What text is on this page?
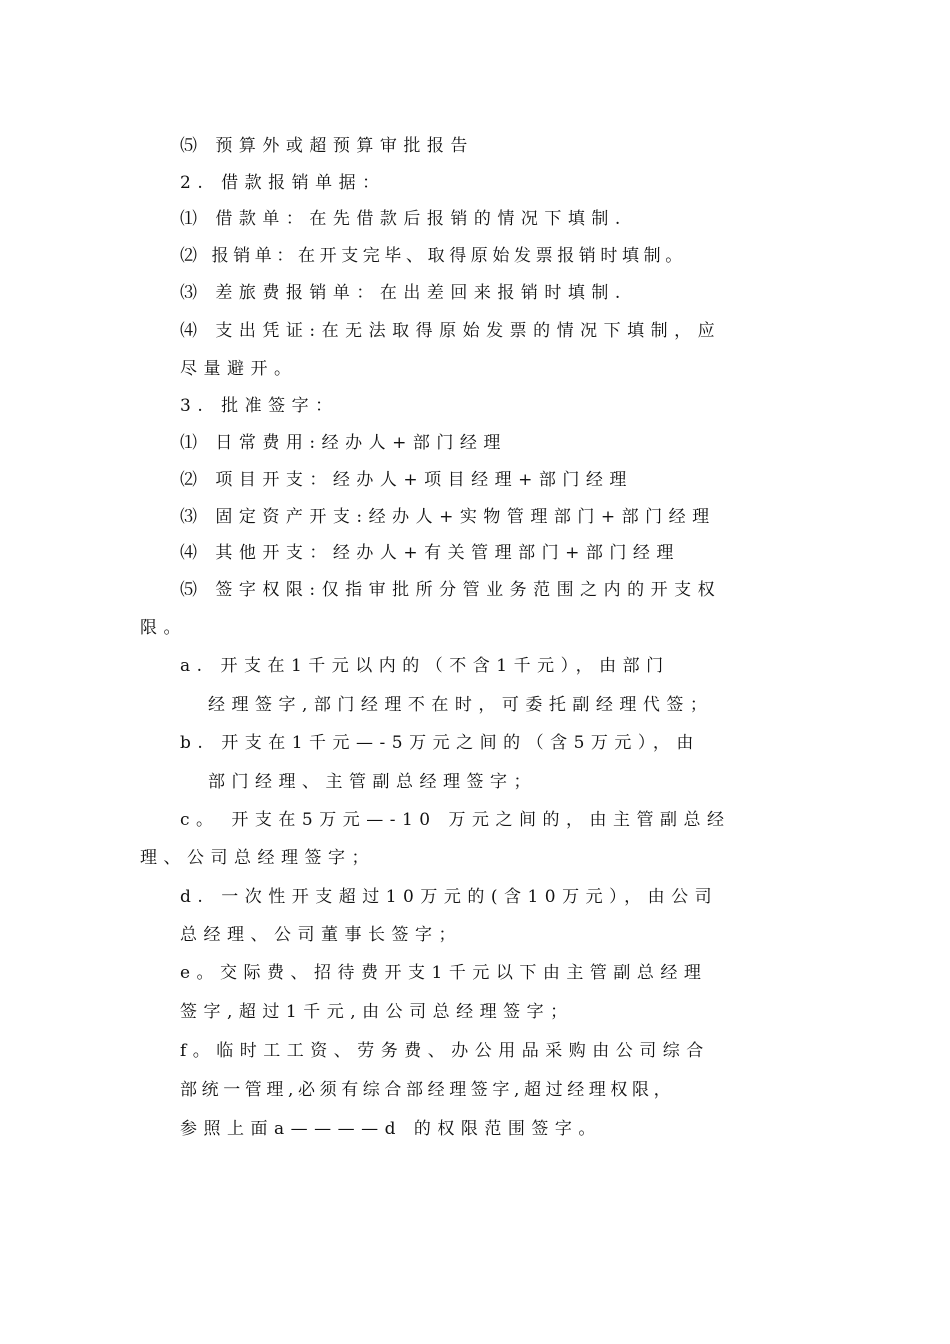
⑸ 预算外或超预算审批报告
2. 借款报销单据：
⑴ 借款单：在先借款后报销的情况下填制.
⑵ 报销单：在开支完毕、取得原始发票报销时填制。
⑶ 差旅费报销单：在出差回来报销时填制.
⑷ 支出凭证:在无法取得原始发票的情况下填制，应
尽量避开。
3. 批准签字：
⑴ 日常费用:经办人+部门经理
⑵ 项目开支：经办人+项目经理+部门经理
⑶ 固定资产开支:经办人+实物管理部门+部门经理
⑷ 其他开支：经办人+有关管理部门+部门经理
⑸ 签字权限:仅指审批所分管业务范围之内的开支权
限。
a. 开支在1千元以内的（不含1千元），由部门
经理签字,部门经理不在时，可委托副经理代签；
b. 开支在1千元—-5万元之间的（含5万元），由
部门经理、主管副总经理签字；
c。 开支在5万元—-10 万元之间的，由主管副总经
理、公司总经理签字；
d. 一次性开支超过10万元的(含10万元），由公司
总经理、公司董事长签字；
e。交际费、招待费开支1千元以下由主管副总经理
签字,超过1千元,由公司总经理签字；
f。临时工工资、劳务费、办公用品采购由公司综合
部统一管理,必须有综合部经理签字,超过经理权限，
参照上面a————d 的权限范围签字。
